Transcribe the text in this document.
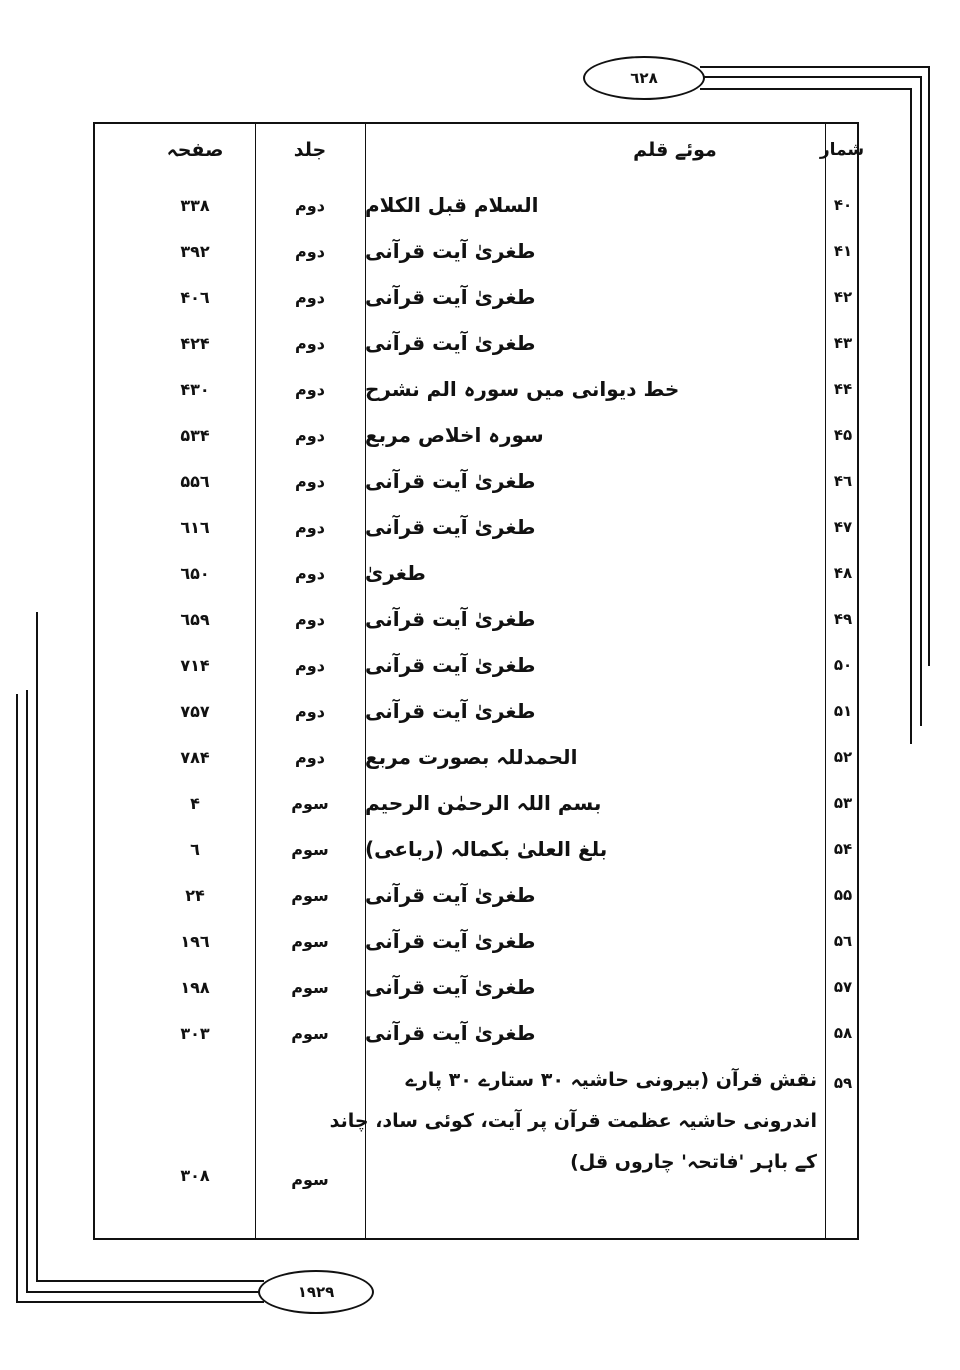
٦٢٨
١٩٢٩
شمار
موئے قلم
جلد
صفحہ
۴۰
السلام قبل الکلام
دوم
٣٣٨
۴۱
طغریٰ آیت قرآنی
دوم
٣٩٢
۴۲
طغریٰ آیت قرآنی
دوم
۴٠٦
۴۳
طغریٰ آیت قرآنی
دوم
۴٢۴
۴۴
خط دیوانی میں سورہ الم نشرح
دوم
۴٣٠
۴۵
سورہ اخلاص مربع
دوم
۵٣۴
۴٦
طغریٰ آیت قرآنی
دوم
۵۵٦
۴۷
طغریٰ آیت قرآنی
دوم
٦١٦
۴۸
طغریٰ
دوم
٦۵٠
۴۹
طغریٰ آیت قرآنی
دوم
٦۵٩
۵۰
طغریٰ آیت قرآنی
دوم
۷١۴
۵۱
طغریٰ آیت قرآنی
دوم
۷۵۷
۵۲
الحمدللہ بصورت مربع
دوم
۷٨۴
۵۳
بسم اللہ الرحمٰن الرحیم
سوم
۴
۵۴
بلغ العلیٰ بکمالہ (رباعی)
سوم
٦
۵۵
طغریٰ آیت قرآنی
سوم
٢۴
۵٦
طغریٰ آیت قرآنی
سوم
١٩٦
۵۷
طغریٰ آیت قرآنی
سوم
١٩٨
۵٨
طغریٰ آیت قرآنی
سوم
٣٠٣
۵٩
نقش قرآن (بیرونی حاشیہ ۳۰ ستارے ۳۰ پارے
اندرونی حاشیہ عظمت قرآن پر آیت، کوئی ساد، چاند
کے باہر 'فاتحہ' چاروں قل)
سوم
٣٠٨
